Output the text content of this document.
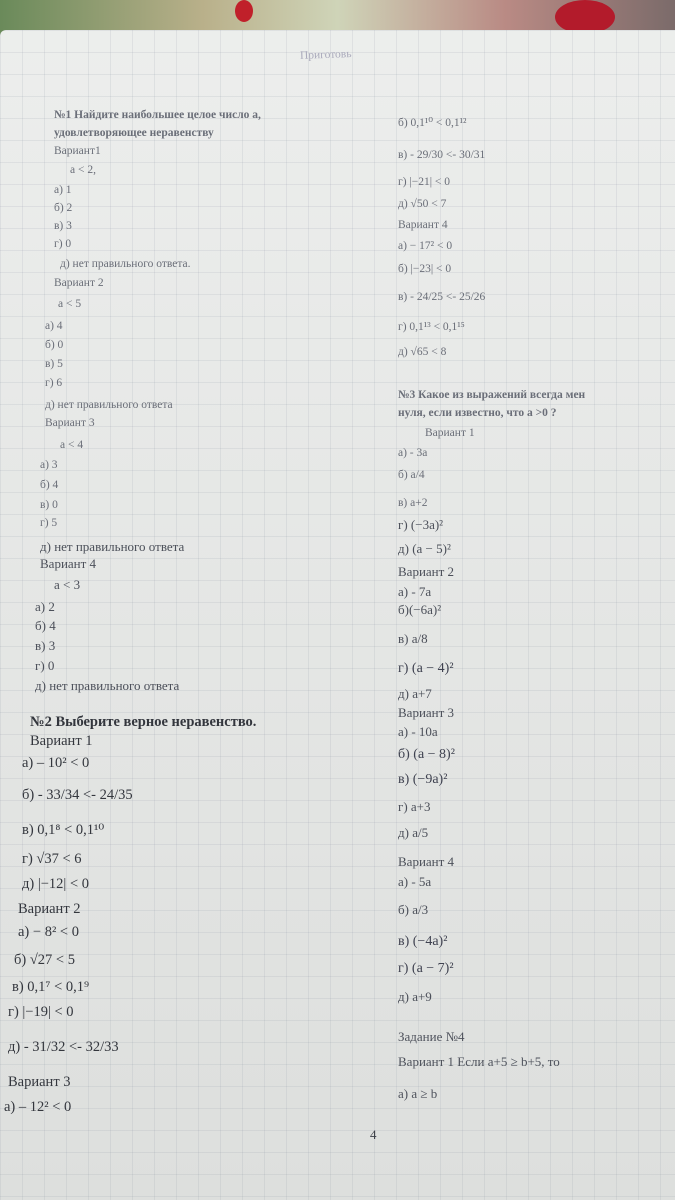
Приготовь
№1 Найдите наибольшее целое число a,
удовлетворяющее неравенству
Вариант1
a < 2,
а) 1
б) 2
в) 3
г) 0
д) нет правильного ответа.
Вариант 2
a < 5
а) 4
б) 0
в) 5
г) 6
д) нет правильного ответа
Вариант 3
a < 4
а) 3
б) 4
в) 0
г) 5
д) нет правильного ответа
Вариант 4
a < 3
а) 2
б) 4
в) 3
г) 0
д) нет правильного ответа
№2 Выберите верное неравенство.
Вариант 1
а) – 10² < 0
б) - 33/34 <- 24/35
в) 0,1⁸ < 0,1¹⁰
г) √37 < 6
д) |−12| < 0
Вариант 2
а) − 8² < 0
б) √27 < 5
в) 0,1⁷ < 0,1⁹
г) |−19| < 0
д) - 31/32 <- 32/33
Вариант 3
а) – 12² < 0
б) 0,1¹⁰ < 0,1¹²
в) - 29/30 <- 30/31
г) |−21| < 0
д) √50 < 7
Вариант 4
а) − 17² < 0
б) |−23| < 0
в) - 24/25 <- 25/26
г) 0,1¹³ < 0,1¹⁵
д) √65 < 8
№3 Какое из выражений всегда мен
нуля, если известно, что a >0 ?
Вариант 1
а) - 3a
б) a/4
в) a+2
г) (−3a)²
д) (a − 5)²
Вариант 2
а) - 7a
б)(−6a)²
в) a/8
г) (a − 4)²
д) a+7
Вариант 3
а) - 10a
б) (a − 8)²
в) (−9a)²
г) a+3
д) a/5
Вариант 4
а) - 5a
б) a/3
в) (−4a)²
г) (a − 7)²
д) a+9
Задание №4
Вариант 1 Если a+5 ≥ b+5, то
а) a ≥ b
4
